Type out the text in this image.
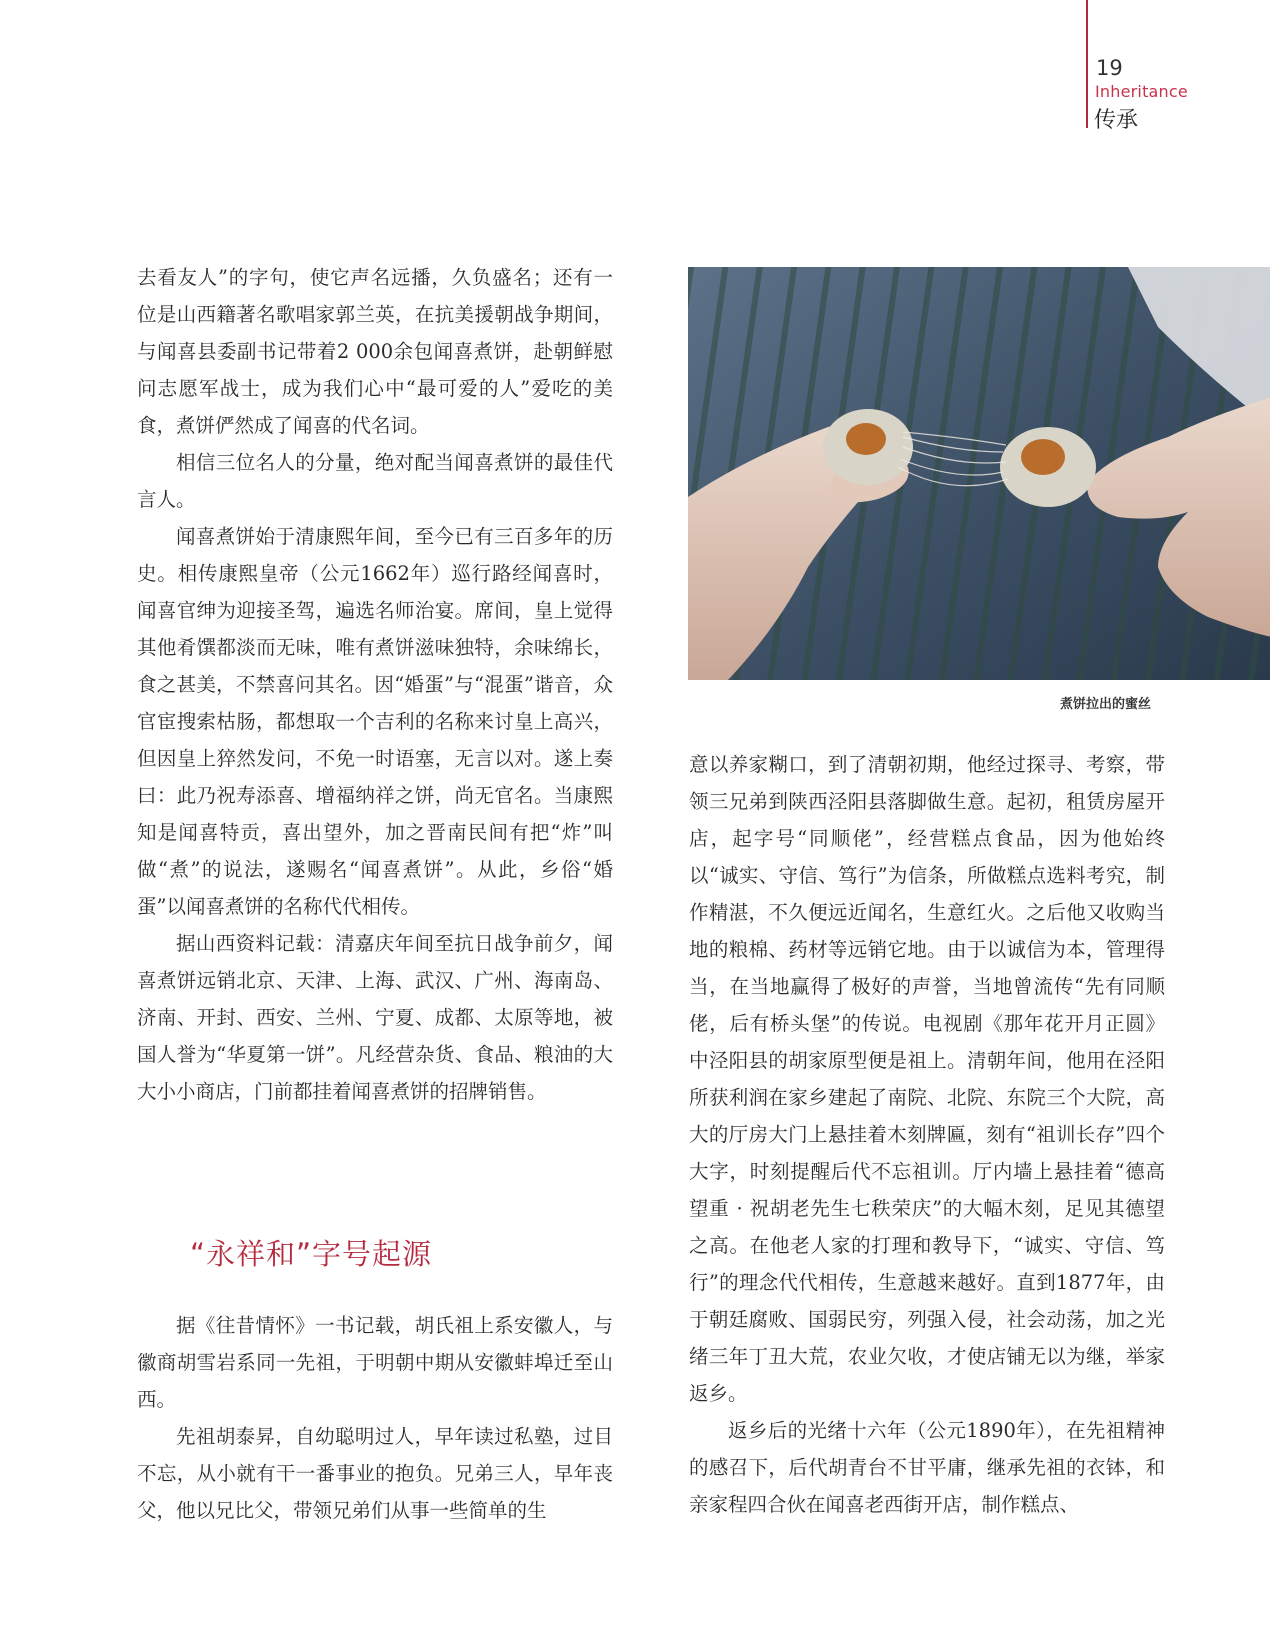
19
Inheritance
传承

去看友人”的字句，使它声名远播，久负盛名；还有一位是山西籍著名歌唱家郭兰英，在抗美援朝战争期间，与闻喜县委副书记带着2 000余包闻喜煮饼，赴朝鲜慰问志愿军战士，成为我们心中“最可爱的人”爱吃的美食，煮饼俨然成了闻喜的代名词。

相信三位名人的分量，绝对配当闻喜煮饼的最佳代言人。

闻喜煮饼始于清康熙年间，至今已有三百多年的历史。相传康熙皇帝（公元1662年）巡行路经闻喜时，闻喜官绅为迎接圣驾，遍选名师治宴。席间，皇上觉得其他肴馔都淡而无味，唯有煮饼滋味独特，余味绵长，食之甚美，不禁喜问其名。因“婚蛋”与“混蛋”谐音，众官宦搜索枯肠，都想取一个吉利的名称来讨皇上高兴，但因皇上猝然发问，不免一时语塞，无言以对。遂上奏曰：此乃祝寿添喜、增福纳祥之饼，尚无官名。当康熙知是闻喜特贡，喜出望外，加之晋南民间有把“炸”叫做“煮”的说法，遂赐名“闻喜煮饼”。从此，乡俗“婚蛋”以闻喜煮饼的名称代代相传。

据山西资料记载：清嘉庆年间至抗日战争前夕，闻喜煮饼远销北京、天津、上海、武汉、广州、海南岛、济南、开封、西安、兰州、宁夏、成都、太原等地，被国人誉为“华夏第一饼”。凡经营杂货、食品、粮油的大大小小商店，门前都挂着闻喜煮饼的招牌销售。

“永祥和”字号起源

据《往昔情怀》一书记载，胡氏祖上系安徽人，与徽商胡雪岩系同一先祖，于明朝中期从安徽蚌埠迁至山西。

先祖胡泰昇，自幼聪明过人，早年读过私塾，过目不忘，从小就有干一番事业的抱负。兄弟三人，早年丧父，他以兄比父，带领兄弟们从事一些简单的生

煮饼拉出的蜜丝

意以养家糊口，到了清朝初期，他经过探寻、考察，带领三兄弟到陕西泾阳县落脚做生意。起初，租赁房屋开店，起字号“同顺佬”，经营糕点食品，因为他始终以“诚实、守信、笃行”为信条，所做糕点选料考究，制作精湛，不久便远近闻名，生意红火。之后他又收购当地的粮棉、药材等远销它地。由于以诚信为本，管理得当，在当地赢得了极好的声誉，当地曾流传“先有同顺佬，后有桥头堡”的传说。电视剧《那年花开月正圆》中泾阳县的胡家原型便是祖上。清朝年间，他用在泾阳所获利润在家乡建起了南院、北院、东院三个大院，高大的厅房大门上悬挂着木刻牌匾，刻有“祖训长存”四个大字，时刻提醒后代不忘祖训。厅内墙上悬挂着“德高望重 · 祝胡老先生七秩荣庆”的大幅木刻，足见其德望之高。在他老人家的打理和教导下，“诚实、守信、笃行”的理念代代相传，生意越来越好。直到1877年，由于朝廷腐败、国弱民穷，列强入侵，社会动荡，加之光绪三年丁丑大荒，农业欠收，才使店铺无以为继，举家返乡。

返乡后的光绪十六年（公元1890年），在先祖精神的感召下，后代胡青台不甘平庸，继承先祖的衣钵，和亲家程四合伙在闻喜老西街开店，制作糕点、
